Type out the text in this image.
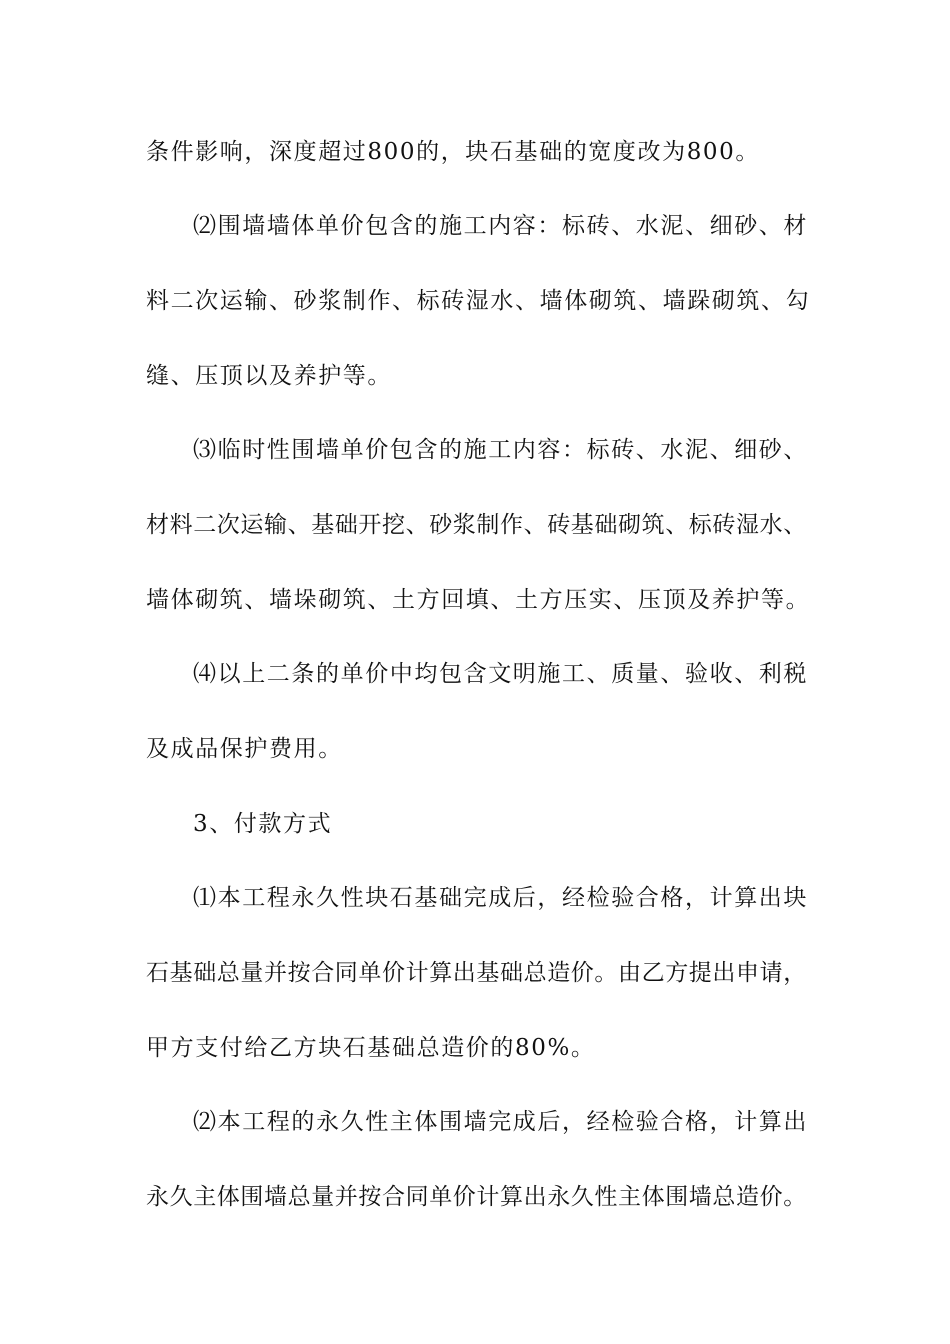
条件影响，深度超过800的，块石基础的宽度改为800。
⑵围墙墙体单价包含的施工内容：标砖、水泥、细砂、材
料二次运输、砂浆制作、标砖湿水、墙体砌筑、墙跺砌筑、勾
缝、压顶以及养护等。
⑶临时性围墙单价包含的施工内容：标砖、水泥、细砂、
材料二次运输、基础开挖、砂浆制作、砖基础砌筑、标砖湿水、
墙体砌筑、墙垛砌筑、土方回填、土方压实、压顶及养护等。
⑷以上二条的单价中均包含文明施工、质量、验收、利税
及成品保护费用。
3、付款方式
⑴本工程永久性块石基础完成后，经检验合格，计算出块
石基础总量并按合同单价计算出基础总造价。由乙方提出申请，
甲方支付给乙方块石基础总造价的80%。
⑵本工程的永久性主体围墙完成后，经检验合格，计算出
永久主体围墙总量并按合同单价计算出永久性主体围墙总造价。
